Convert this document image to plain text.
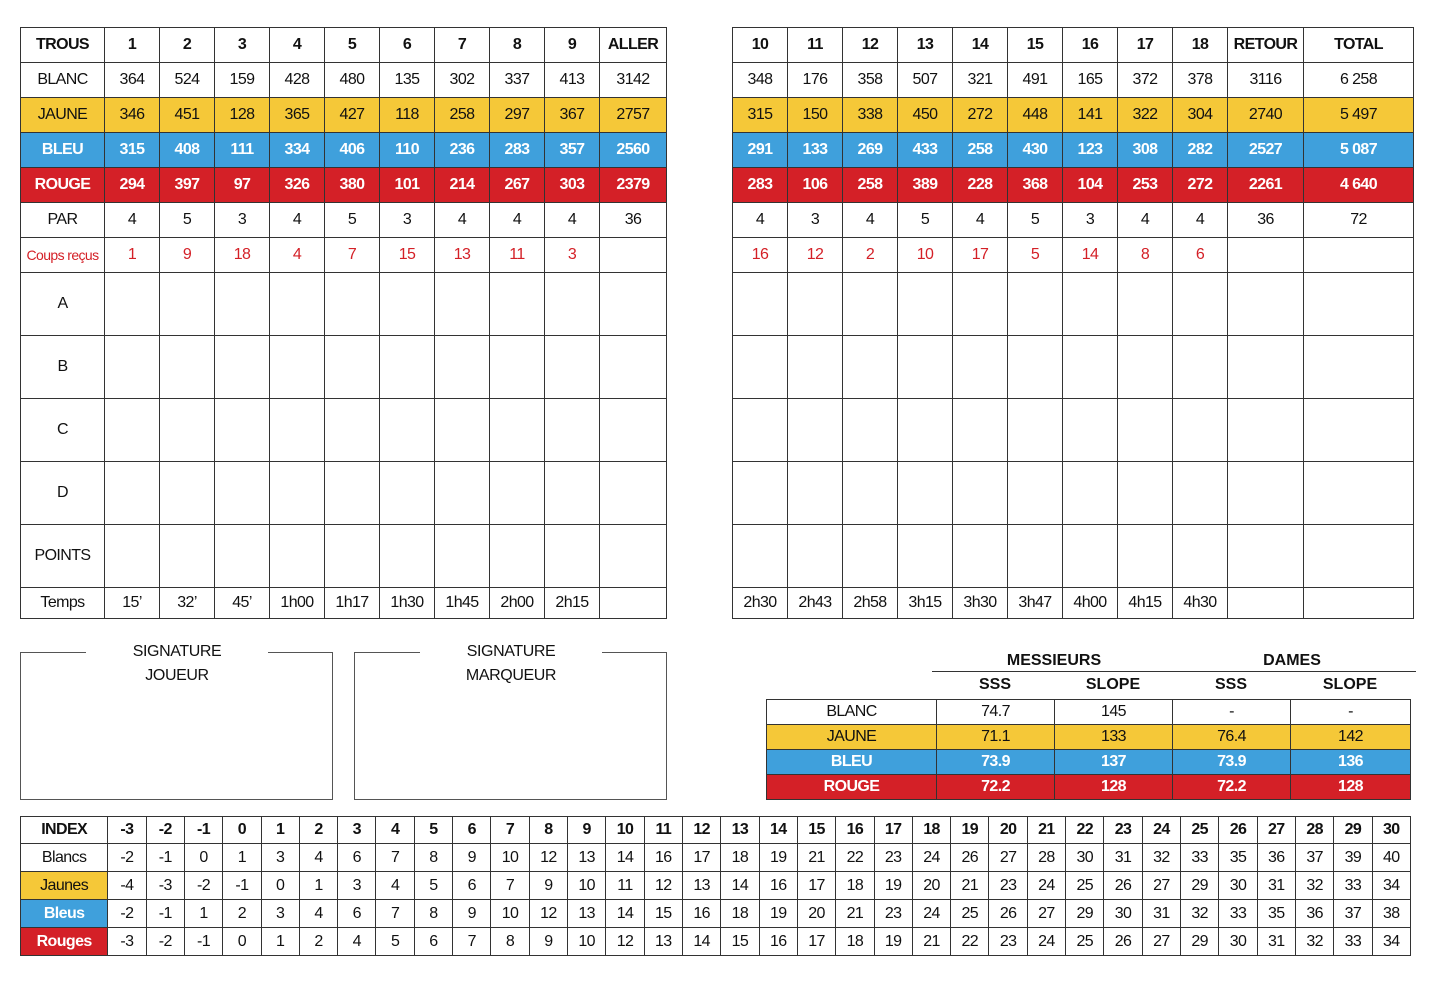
TROUS	1	2	3	4	5	6	7	8	9	ALLER
BLANC	364	524	159	428	480	135	302	337	413	3142
JAUNE	346	451	128	365	427	118	258	297	367	2757
BLEU	315	408	111	334	406	110	236	283	357	2560
ROUGE	294	397	97	326	380	101	214	267	303	2379
PAR	4	5	3	4	5	3	4	4	4	36
Coups reçus	1	9	18	4	7	15	13	11	3	
A										
B										
C										
D										
POINTS										
Temps	15’	32’	45’	1h00	1h17	1h30	1h45	2h00	2h15	
10	11	12	13	14	15	16	17	18	RETOUR	TOTAL
348	176	358	507	321	491	165	372	378	3116	6 258
315	150	338	450	272	448	141	322	304	2740	5 497
291	133	269	433	258	430	123	308	282	2527	5 087
283	106	258	389	228	368	104	253	272	2261	4 640
4	3	4	5	4	5	3	4	4	36	72
16	12	2	10	17	5	14	8	6		

2h30	2h43	2h58	3h15	3h30	3h47	4h00	4h15	4h30		
SIGNATURE
JOUEUR
SIGNATURE
MARQUEUR
MESSIEURS	DAMES
SSS	SLOPE	SSS	SLOPE
BLANC	74.7	145	-	-
JAUNE	71.1	133	76.4	142
BLEU	73.9	137	73.9	136
ROUGE	72.2	128	72.2	128
INDEX	-3	-2	-1	0	1	2	3	4	5	6	7	8	9	10	11	12	13	14	15	16	17	18	19	20	21	22	23	24	25	26	27	28	29	30
Blancs	-2	-1	0	1	3	4	6	7	8	9	10	12	13	14	16	17	18	19	21	22	23	24	26	27	28	30	31	32	33	35	36	37	39	40
Jaunes	-4	-3	-2	-1	0	1	3	4	5	6	7	9	10	11	12	13	14	16	17	18	19	20	21	23	24	25	26	27	29	30	31	32	33	34
Bleus	-2	-1	1	2	3	4	6	7	8	9	10	12	13	14	15	16	18	19	20	21	23	24	25	26	27	29	30	31	32	33	35	36	37	38
Rouges	-3	-2	-1	0	1	2	4	5	6	7	8	9	10	12	13	14	15	16	17	18	19	21	22	23	24	25	26	27	29	30	31	32	33	34
